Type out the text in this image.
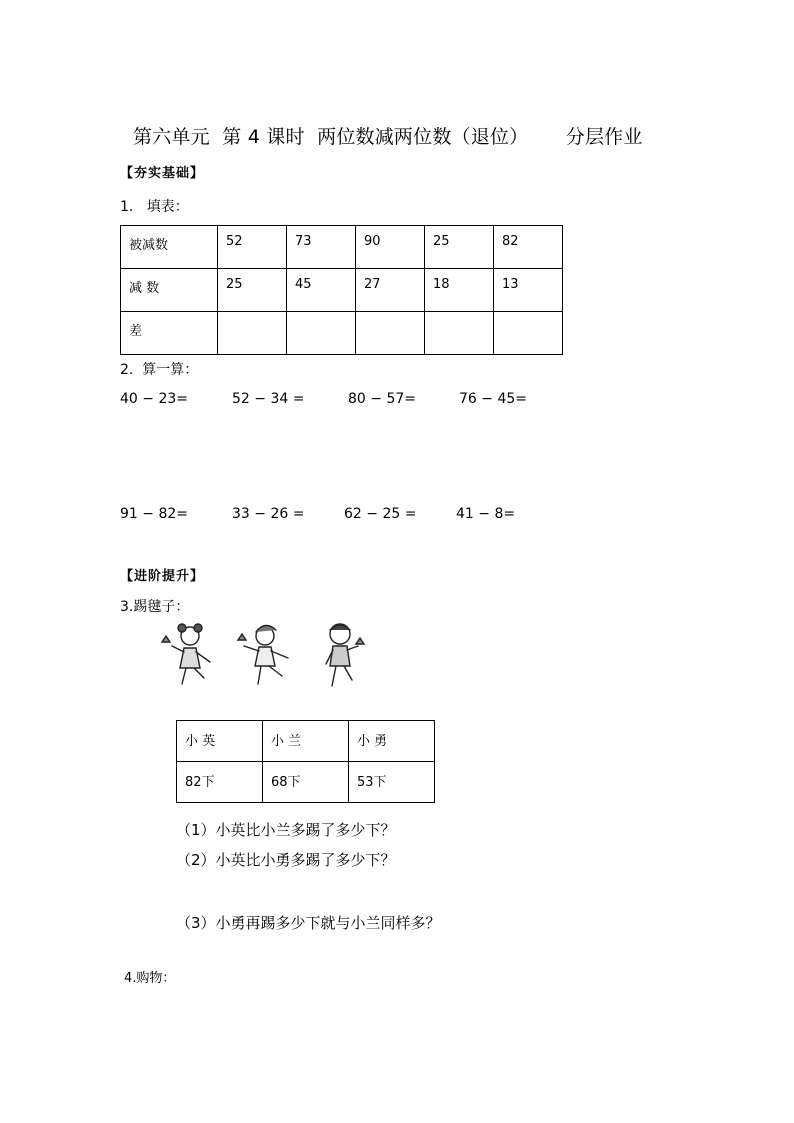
第六单元  第 4 课时  两位数减两位数（退位）      分层作业
【夯实基础】
1.   填表：
被减数	52	73	90	25	82
减 数	25	45	27	18	13
差					
2.  算一算：
40 − 23=	52 − 34 =	80 − 57=	76 − 45=
91 − 82=	33 − 26 =	62 − 25 =	41 − 8=
【进阶提升】
3.踢毽子：
小 英	小 兰	小 勇
82下	68下	53下
（1）小英比小兰多踢了多少下？
（2）小英比小勇多踢了多少下？
（3）小勇再踢多少下就与小兰同样多？
4.购物：
